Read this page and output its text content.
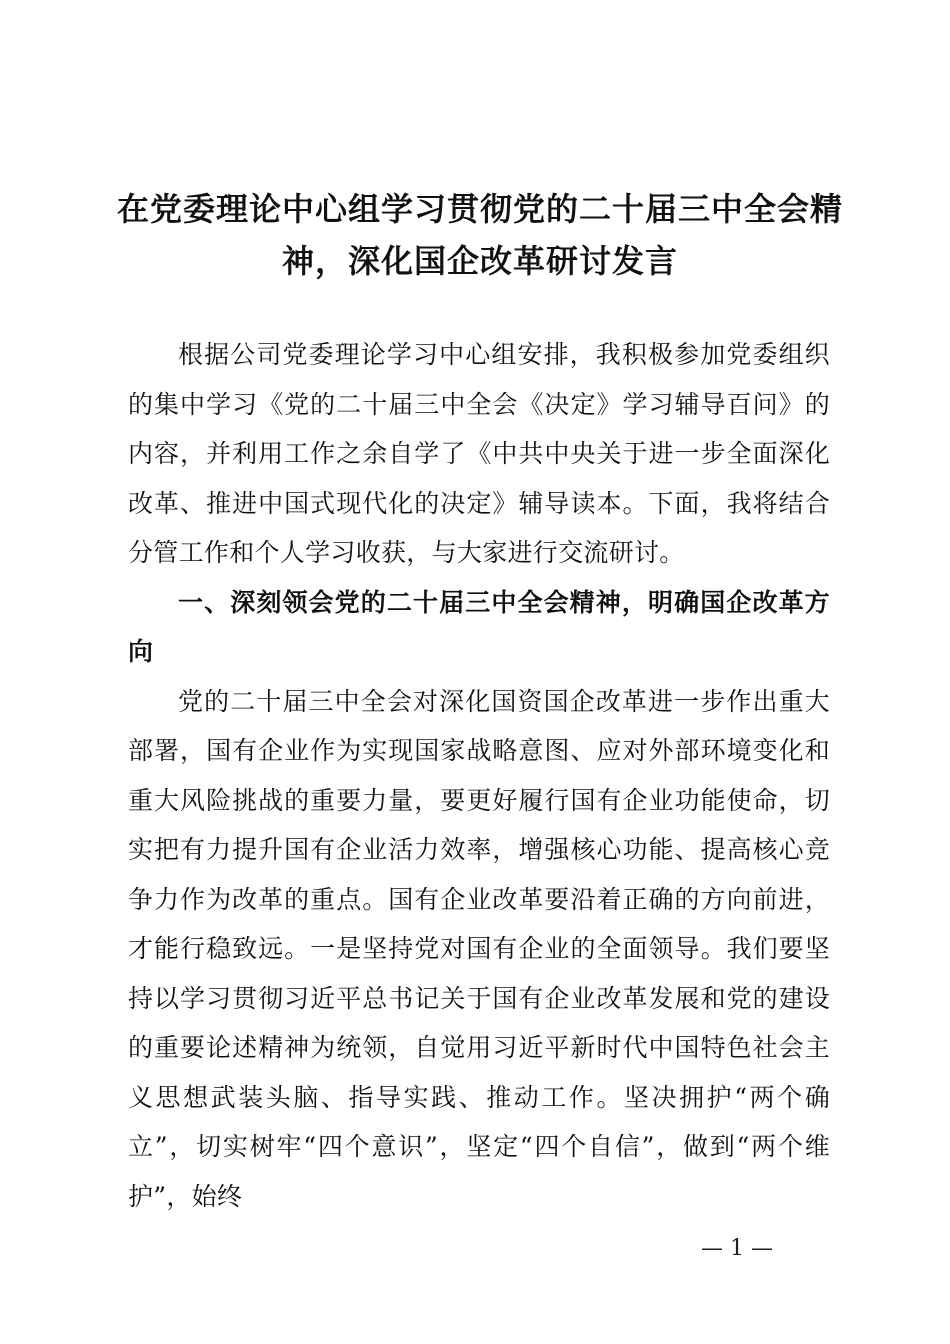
在党委理论中心组学习贯彻党的二十届三中全会精神，深化国企改革研讨发言

根据公司党委理论学习中心组安排，我积极参加党委组织的集中学习《党的二十届三中全会《决定》学习辅导百问》的内容，并利用工作之余自学了《中共中央关于进一步全面深化改革、推进中国式现代化的决定》辅导读本。下面，我将结合分管工作和个人学习收获，与大家进行交流研讨。

一、深刻领会党的二十届三中全会精神，明确国企改革方向

党的二十届三中全会对深化国资国企改革进一步作出重大部署，国有企业作为实现国家战略意图、应对外部环境变化和重大风险挑战的重要力量，要更好履行国有企业功能使命，切实把有力提升国有企业活力效率，增强核心功能、提高核心竞争力作为改革的重点。国有企业改革要沿着正确的方向前进，才能行稳致远。一是坚持党对国有企业的全面领导。我们要坚持以学习贯彻习近平总书记关于国有企业改革发展和党的建设的重要论述精神为统领，自觉用习近平新时代中国特色社会主义思想武装头脑、指导实践、推动工作。坚决拥护“两个确立”，切实树牢“四个意识”，坚定“四个自信”，做到“两个维护”，始终

— 1 —
